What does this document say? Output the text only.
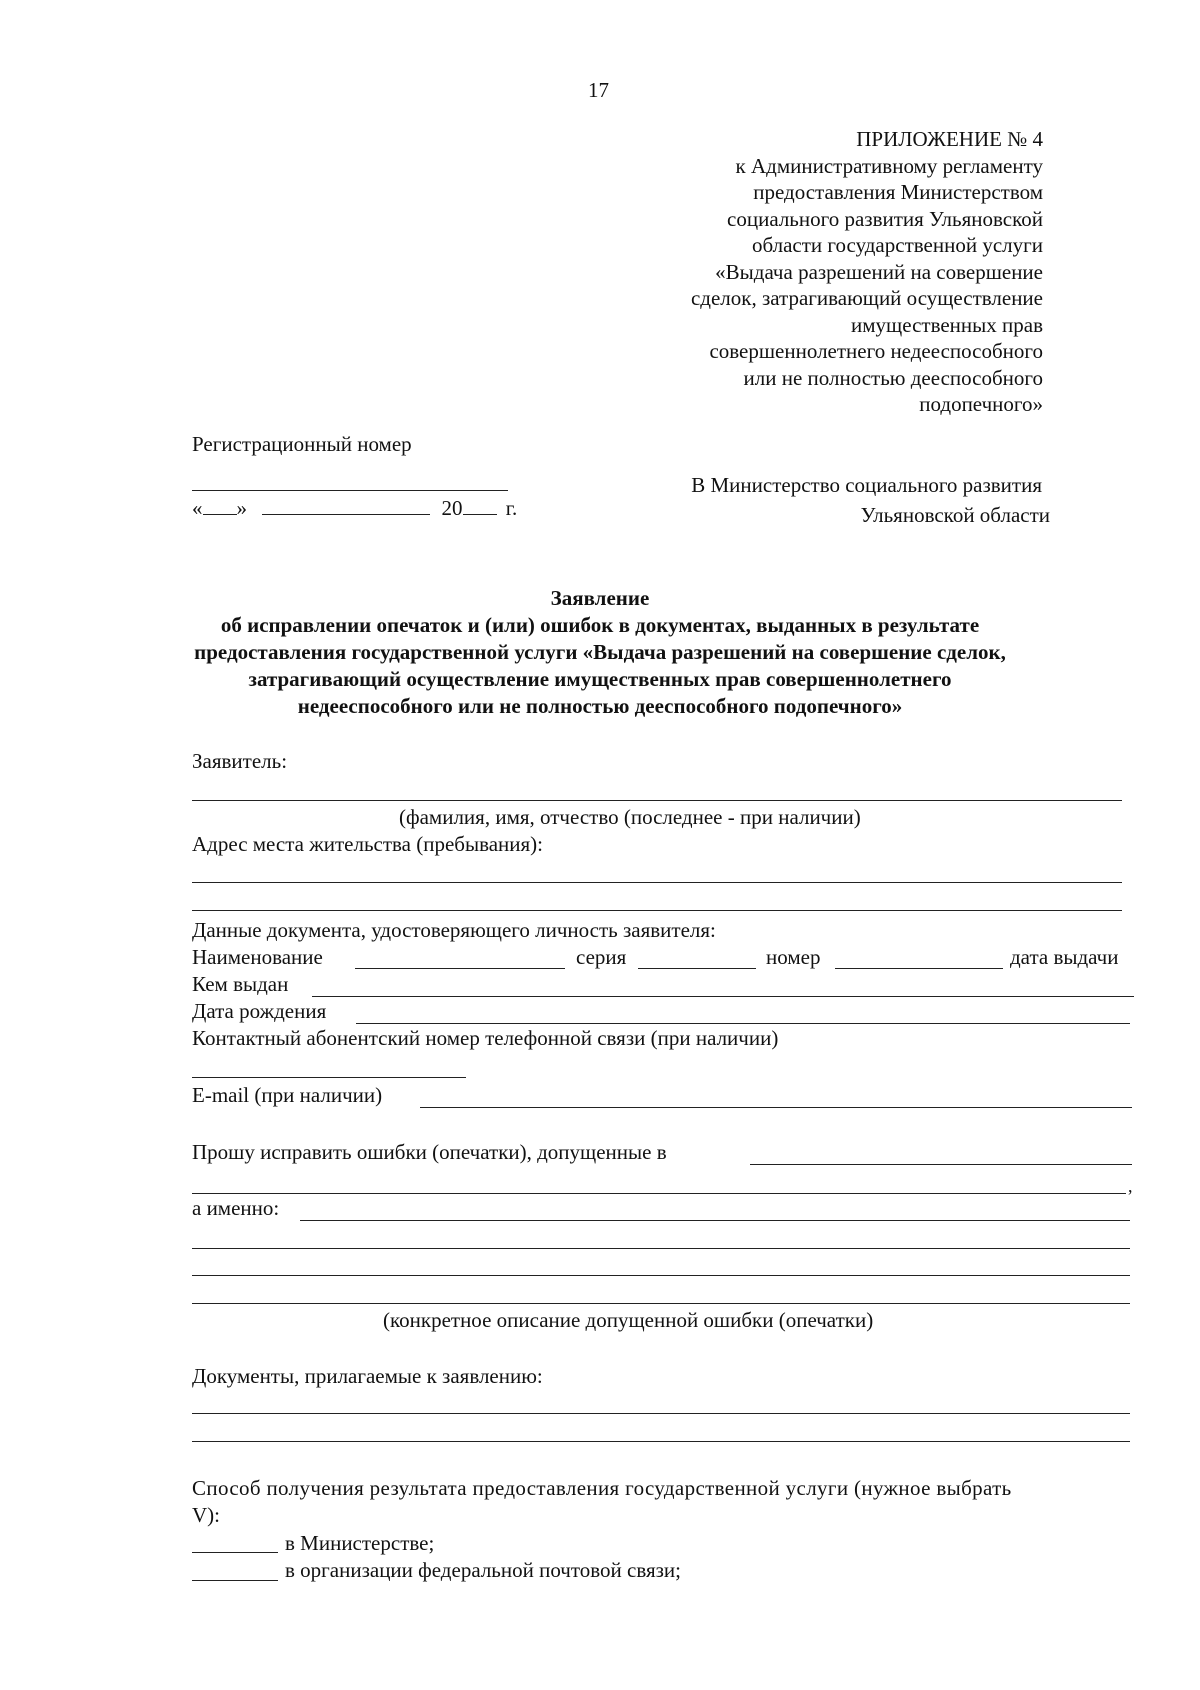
17
ПРИЛОЖЕНИЕ № 4
к Административному регламенту
предоставления Министерством
социального развития Ульяновской
области государственной услуги
«Выдача разрешений на совершение
сделок, затрагивающий осуществление
имущественных прав
совершеннолетнего недееспособного
или не полностью дееспособного
подопечного»
Регистрационный номер
« »	20 г.
В Министерство социального развития
Ульяновской области
Заявление
об исправлении опечаток и (или) ошибок в документах, выданных в результате
предоставления государственной услуги «Выдача разрешений на совершение сделок,
затрагивающий осуществление имущественных прав совершеннолетнего
недееспособного или не полностью дееспособного подопечного»
Заявитель:
(фамилия, имя, отчество (последнее - при наличии)
Адрес места жительства (пребывания):
Данные документа, удостоверяющего личность заявителя:
Наименование	серия	номер	дата выдачи
Кем выдан
Дата рождения
Контактный абонентский номер телефонной связи (при наличии)
E-mail (при наличии)
Прошу исправить ошибки (опечатки), допущенные в
,
а именно:
(конкретное описание допущенной ошибки (опечатки)
Документы, прилагаемые к заявлению:
Способ получения результата предоставления государственной услуги (нужное выбрать
V):
в Министерстве;
в организации федеральной почтовой связи;
